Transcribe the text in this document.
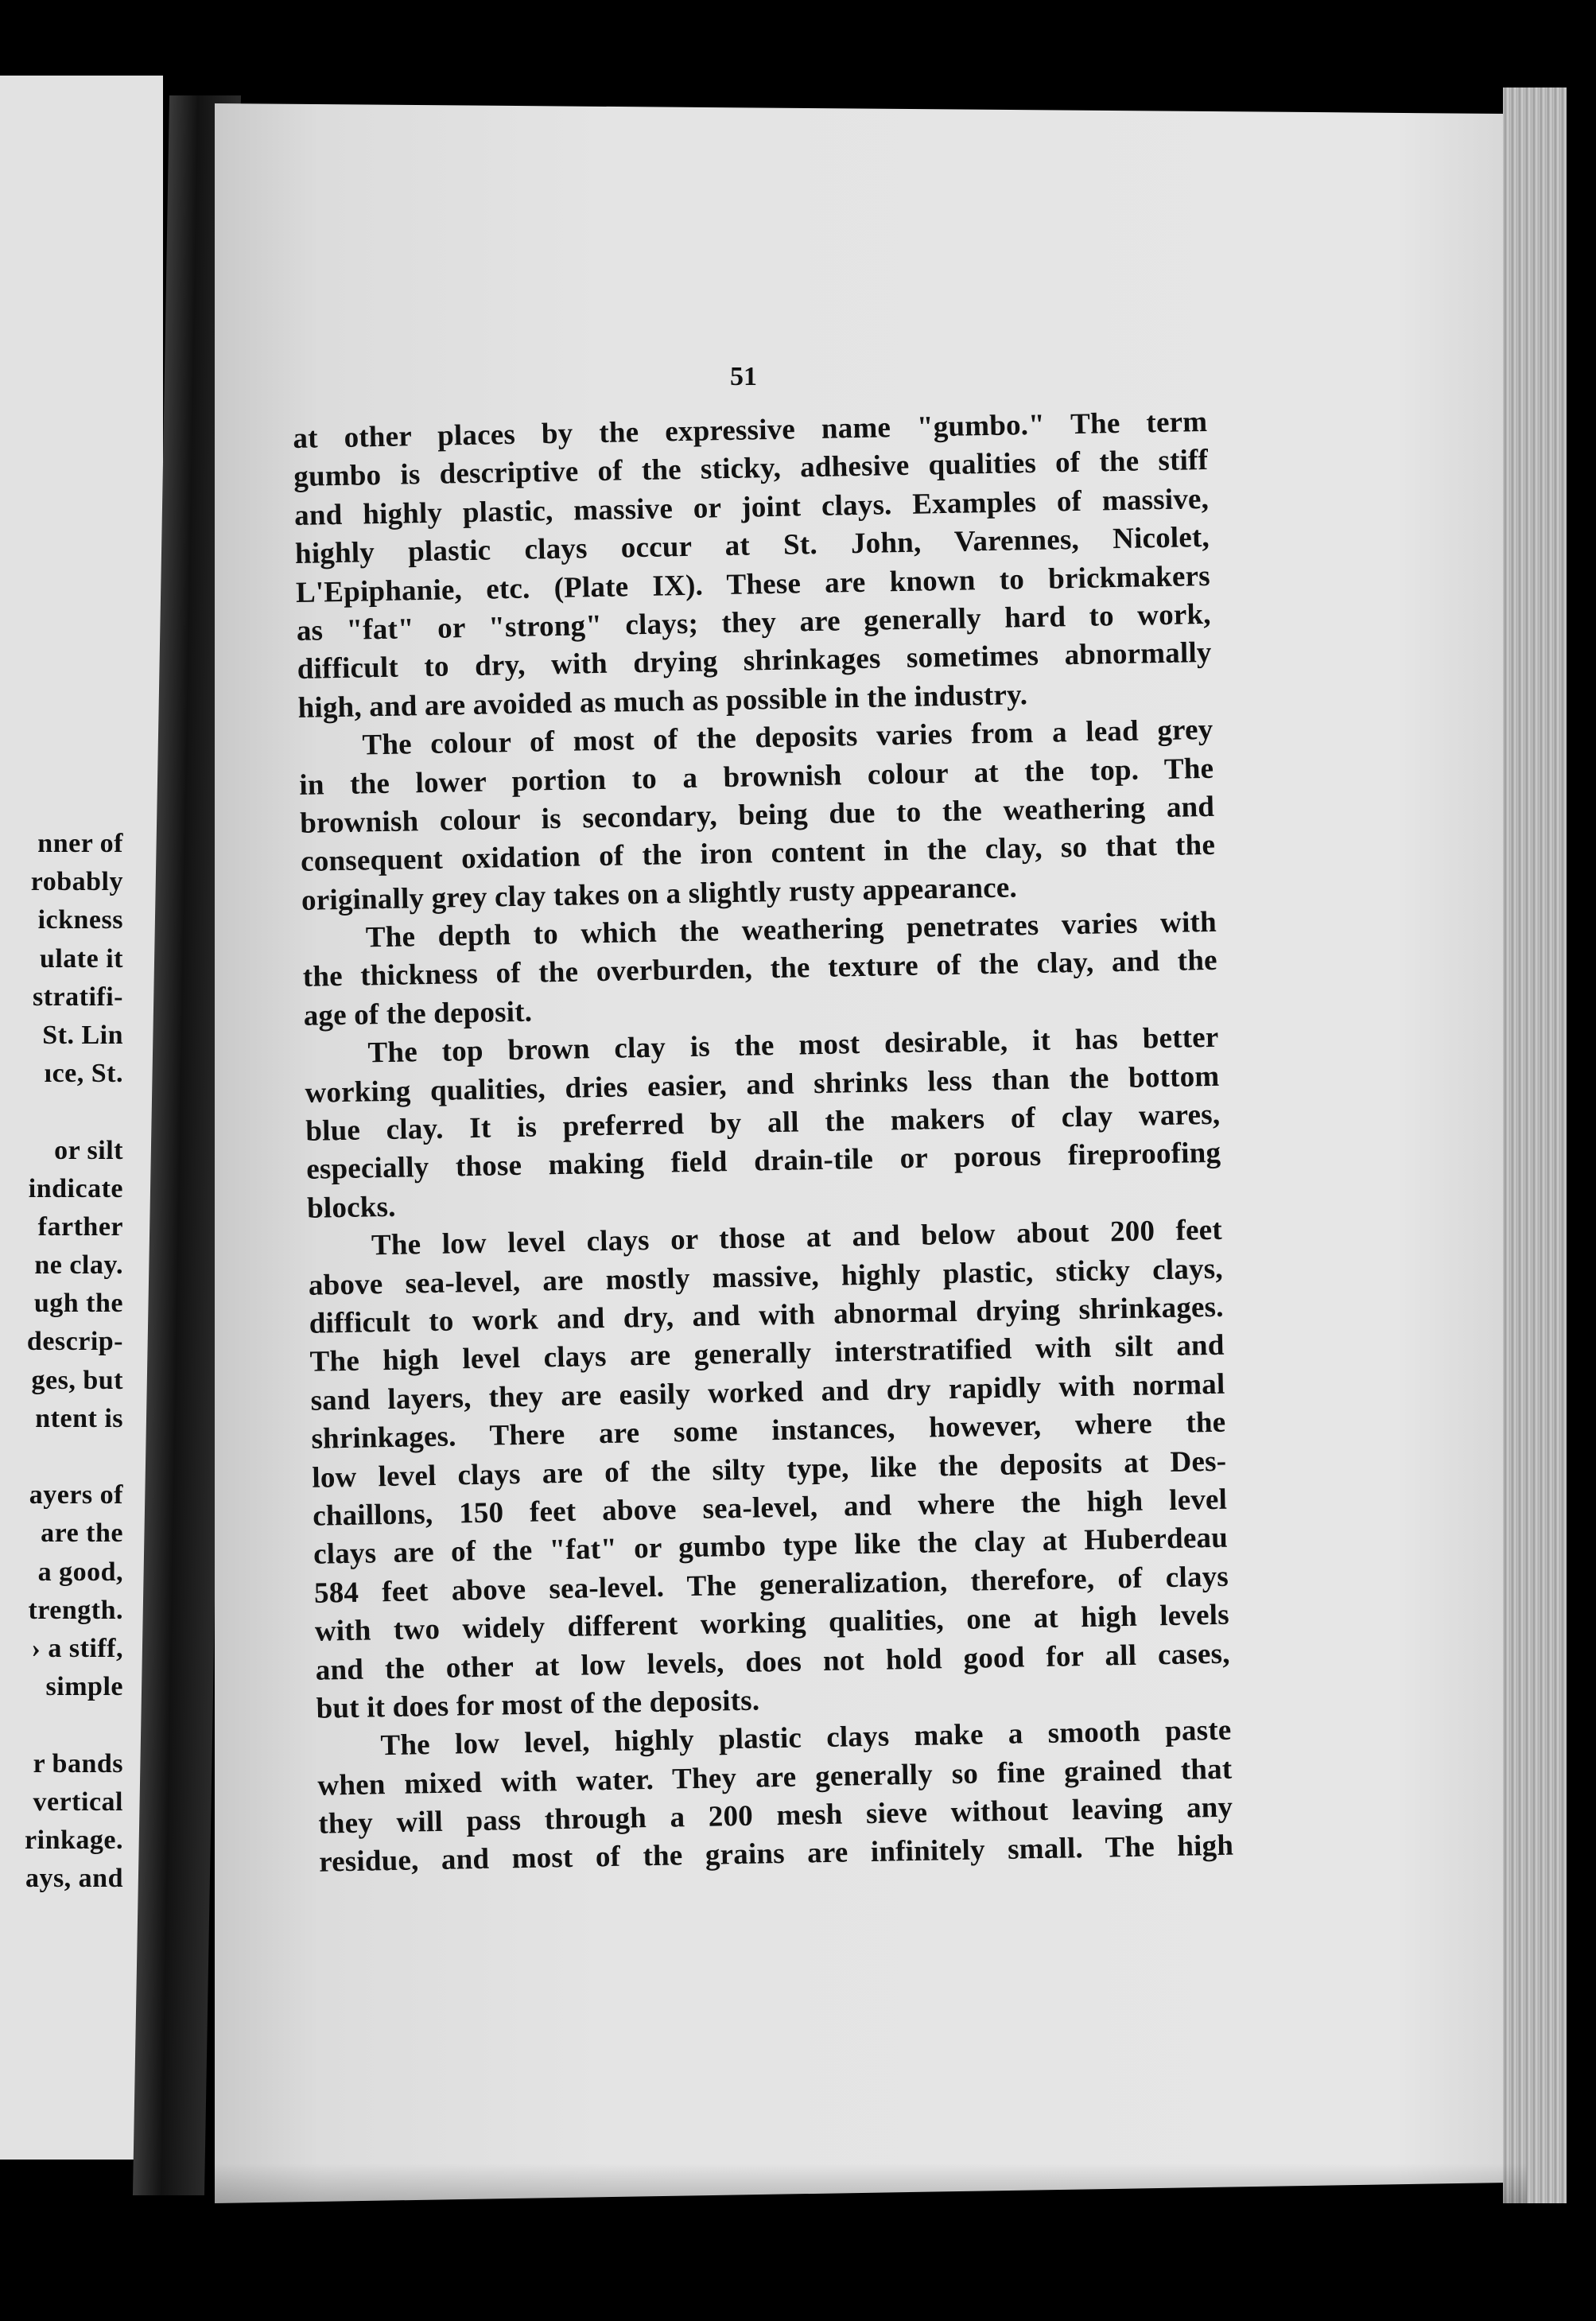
nner of
robably
ickness
ulate it
stratifi-
St. Lin
ıce, St.
or silt
indicate
farther
ne clay.
ugh the
descrip-
ges, but
ntent is
ayers of
are the
a good,
trength.
› a stiff,
simple
r bands
vertical
rinkage.
ays, and
51
at other places by the expressive name "gumbo." The term
gumbo is descriptive of the sticky, adhesive qualities of the stiff
and highly plastic, massive or joint clays. Examples of massive,
highly plastic clays occur at St. John, Varennes, Nicolet,
L'Epiphanie, etc. (Plate IX). These are known to brickmakers
as "fat" or "strong" clays; they are generally hard to work,
difficult to dry, with drying shrinkages sometimes abnormally
high, and are avoided as much as possible in the industry.
The colour of most of the deposits varies from a lead grey
in the lower portion to a brownish colour at the top. The
brownish colour is secondary, being due to the weathering and
consequent oxidation of the iron content in the clay, so that the
originally grey clay takes on a slightly rusty appearance.
The depth to which the weathering penetrates varies with
the thickness of the overburden, the texture of the clay, and the
age of the deposit.
The top brown clay is the most desirable, it has better
working qualities, dries easier, and shrinks less than the bottom
blue clay. It is preferred by all the makers of clay wares,
especially those making field drain-tile or porous fireproofing
blocks.
The low level clays or those at and below about 200 feet
above sea-level, are mostly massive, highly plastic, sticky clays,
difficult to work and dry, and with abnormal drying shrinkages.
The high level clays are generally interstratified with silt and
sand layers, they are easily worked and dry rapidly with normal
shrinkages. There are some instances, however, where the
low level clays are of the silty type, like the deposits at Des-
chaillons, 150 feet above sea-level, and where the high level
clays are of the "fat" or gumbo type like the clay at Huberdeau
584 feet above sea-level. The generalization, therefore, of clays
with two widely different working qualities, one at high levels
and the other at low levels, does not hold good for all cases,
but it does for most of the deposits.
The low level, highly plastic clays make a smooth paste
when mixed with water. They are generally so fine grained that
they will pass through a 200 mesh sieve without leaving any
residue, and most of the grains are infinitely small. The high
